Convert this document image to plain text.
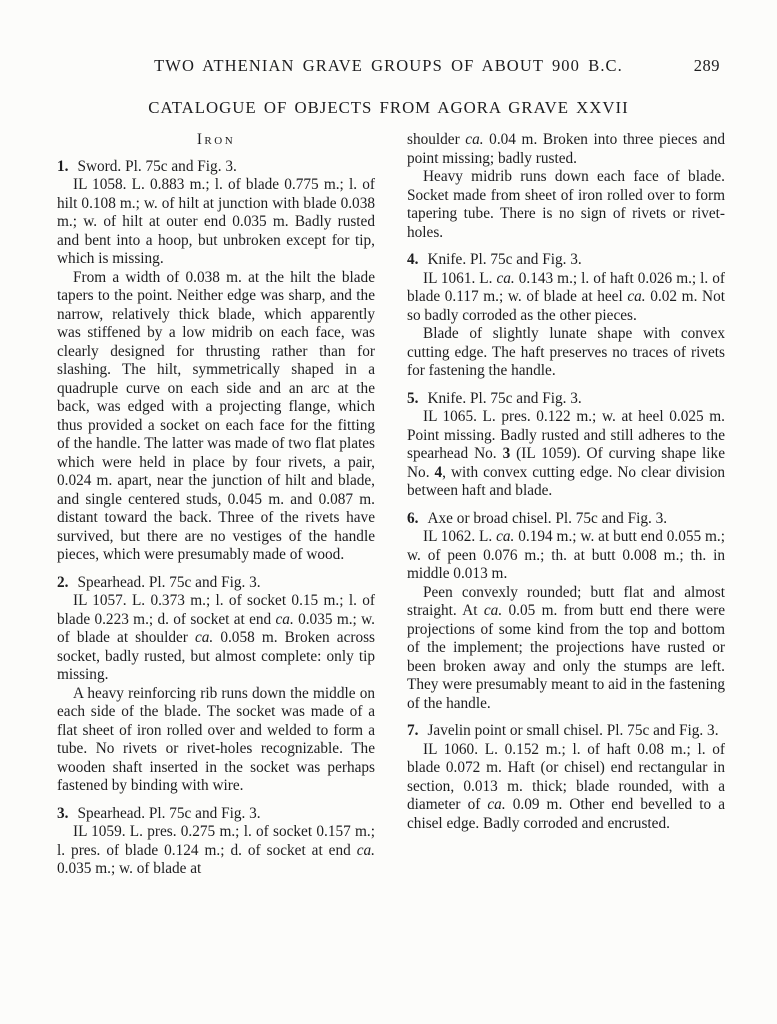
TWO ATHENIAN GRAVE GROUPS OF ABOUT 900 B.C.	289
CATALOGUE OF OBJECTS FROM AGORA GRAVE XXVII

Iron

1. Sword. Pl. 75c and Fig. 3.

IL 1058. L. 0.883 m.; l. of blade 0.775 m.; l. of hilt 0.108 m.; w. of hilt at junction with blade 0.038 m.; w. of hilt at outer end 0.035 m. Badly rusted and bent into a hoop, but unbroken except for tip, which is missing.

From a width of 0.038 m. at the hilt the blade tapers to the point. Neither edge was sharp, and the narrow, relatively thick blade, which apparently was stiffened by a low midrib on each face, was clearly designed for thrusting rather than for slashing. The hilt, symmetrically shaped in a quadruple curve on each side and an arc at the back, was edged with a projecting flange, which thus provided a socket on each face for the fitting of the handle. The latter was made of two flat plates which were held in place by four rivets, a pair, 0.024 m. apart, near the junction of hilt and blade, and single centered studs, 0.045 m. and 0.087 m. distant toward the back. Three of the rivets have survived, but there are no vestiges of the handle pieces, which were presumably made of wood.

2. Spearhead. Pl. 75c and Fig. 3.

IL 1057. L. 0.373 m.; l. of socket 0.15 m.; l. of blade 0.223 m.; d. of socket at end ca. 0.035 m.; w. of blade at shoulder ca. 0.058 m. Broken across socket, badly rusted, but almost complete: only tip missing.

A heavy reinforcing rib runs down the middle on each side of the blade. The socket was made of a flat sheet of iron rolled over and welded to form a tube. No rivets or rivet-holes recognizable. The wooden shaft inserted in the socket was perhaps fastened by binding with wire.

3. Spearhead. Pl. 75c and Fig. 3.

IL 1059. L. pres. 0.275 m.; l. of socket 0.157 m.; l. pres. of blade 0.124 m.; d. of socket at end ca. 0.035 m.; w. of blade at

shoulder ca. 0.04 m. Broken into three pieces and point missing; badly rusted.

Heavy midrib runs down each face of blade. Socket made from sheet of iron rolled over to form tapering tube. There is no sign of rivets or rivet-holes.

4. Knife. Pl. 75c and Fig. 3.

IL 1061. L. ca. 0.143 m.; l. of haft 0.026 m.; l. of blade 0.117 m.; w. of blade at heel ca. 0.02 m. Not so badly corroded as the other pieces.

Blade of slightly lunate shape with convex cutting edge. The haft preserves no traces of rivets for fastening the handle.

5. Knife. Pl. 75c and Fig. 3.

IL 1065. L. pres. 0.122 m.; w. at heel 0.025 m. Point missing. Badly rusted and still adheres to the spearhead No. 3 (IL 1059). Of curving shape like No. 4, with convex cutting edge. No clear division between haft and blade.

6. Axe or broad chisel. Pl. 75c and Fig. 3.

IL 1062. L. ca. 0.194 m.; w. at butt end 0.055 m.; w. of peen 0.076 m.; th. at butt 0.008 m.; th. in middle 0.013 m.

Peen convexly rounded; butt flat and almost straight. At ca. 0.05 m. from butt end there were projections of some kind from the top and bottom of the implement; the projections have rusted or been broken away and only the stumps are left. They were presumably meant to aid in the fastening of the handle.

7. Javelin point or small chisel. Pl. 75c and Fig. 3.

IL 1060. L. 0.152 m.; l. of haft 0.08 m.; l. of blade 0.072 m. Haft (or chisel) end rectangular in section, 0.013 m. thick; blade rounded, with a diameter of ca. 0.09 m. Other end bevelled to a chisel edge. Badly corroded and encrusted.
